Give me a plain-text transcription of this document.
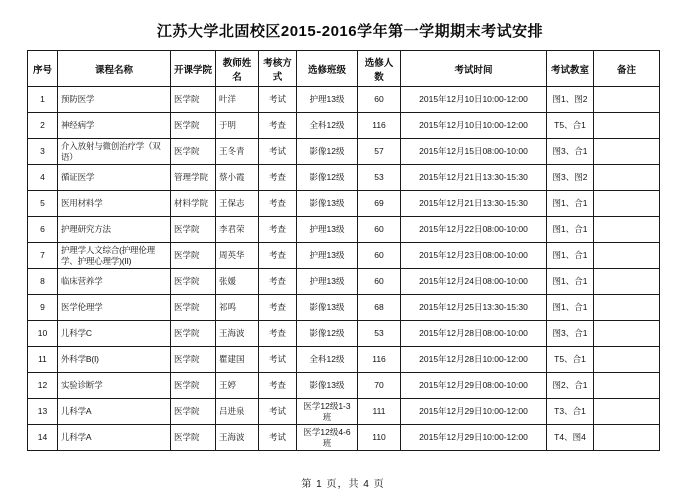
江苏大学北固校区2015-2016学年第一学期期末考试安排
序号	课程名称	开课学院	教师姓名	考核方式	选修班级	选修人数	考试时间	考试教室	备注
1	预防医学	医学院	叶洋	考试	护理13级	60	2015年12月10日10:00-12:00	图1、图2	
2	神经病学	医学院	于明	考查	全科12级	116	2015年12月10日10:00-12:00	T5、合1	
3	介入放射与微创治疗学（双语）	医学院	王冬青	考试	影像12级	57	2015年12月15日08:00-10:00	图3、合1	
4	循证医学	管理学院	蔡小霞	考查	影像12级	53	2015年12月21日13:30-15:30	图3、图2	
5	医用材料学	材料学院	王保志	考查	影像13级	69	2015年12月21日13:30-15:30	图1、合1	
6	护理研究方法	医学院	李君荣	考查	护理13级	60	2015年12月22日08:00-10:00	图1、合1	
7	护理学人文综合(护理伦理学、护理心理学)(II)	医学院	周英华	考查	护理13级	60	2015年12月23日08:00-10:00	图1、合1	
8	临床营养学	医学院	张媛	考查	护理13级	60	2015年12月24日08:00-10:00	图1、合1	
9	医学伦理学	医学院	祁鸣	考查	影像13级	68	2015年12月25日13:30-15:30	图1、合1	
10	儿科学C	医学院	王海波	考查	影像12级	53	2015年12月28日08:00-10:00	图3、合1	
11	外科学B(I)	医学院	瞿建国	考试	全科12级	116	2015年12月28日10:00-12:00	T5、合1	
12	实验诊断学	医学院	王婷	考查	影像13级	70	2015年12月29日08:00-10:00	图2、合1	
13	儿科学A	医学院	吕进泉	考试	医学12级1-3班	111	2015年12月29日10:00-12:00	T3、合1	
14	儿科学A	医学院	王海波	考试	医学12级4-6班	110	2015年12月29日10:00-12:00	T4、图4	
第 1 页，共 4 页
